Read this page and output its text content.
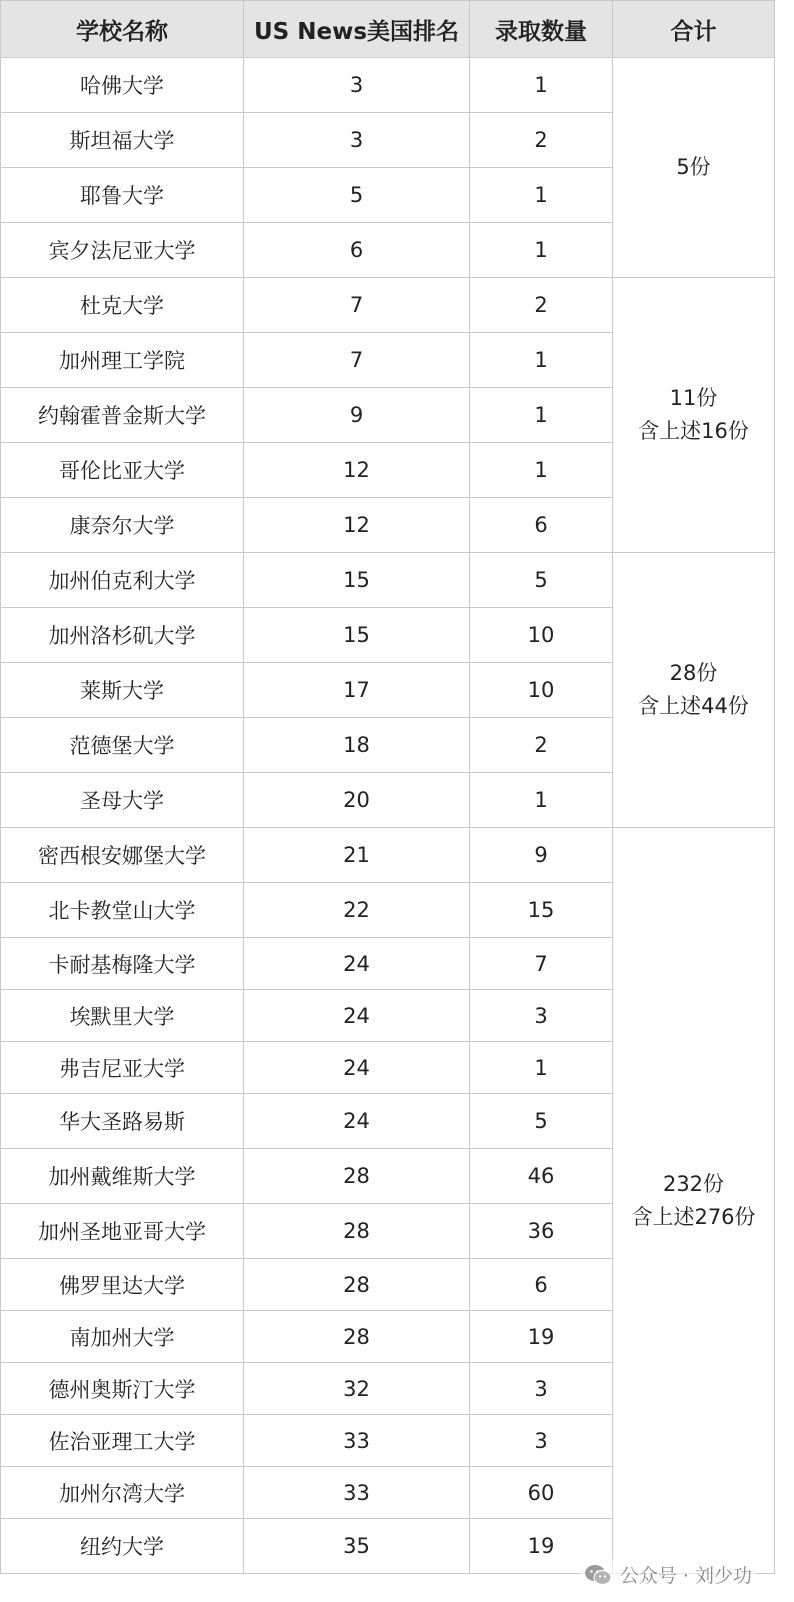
学校名称	US News美国排名	录取数量	合计
哈佛大学	3	1	5份

斯坦福大学	3	2	
耶鲁大学	5	1	
宾夕法尼亚大学	6	1	
杜克大学	7	2	11份
含上述16份

加州理工学院	7	1	
约翰霍普金斯大学	9	1	
哥伦比亚大学	12	1	
康奈尔大学	12	6	
加州伯克利大学	15	5	28份
含上述44份

加州洛杉矶大学	15	10	
莱斯大学	17	10	
范德堡大学	18	2	
圣母大学	20	1	
密西根安娜堡大学	21	9	232份
含上述276份

北卡教堂山大学	22	15	
卡耐基梅隆大学	24	7	
埃默里大学	24	3	
弗吉尼亚大学	24	1	
华大圣路易斯	24	5	
加州戴维斯大学	28	46	
加州圣地亚哥大学	28	36	
佛罗里达大学	28	6	
南加州大学	28	19	
德州奥斯汀大学	32	3	
佐治亚理工大学	33	3	
加州尔湾大学	33	60	
纽约大学	35	19	
公众号 · 刘少功
